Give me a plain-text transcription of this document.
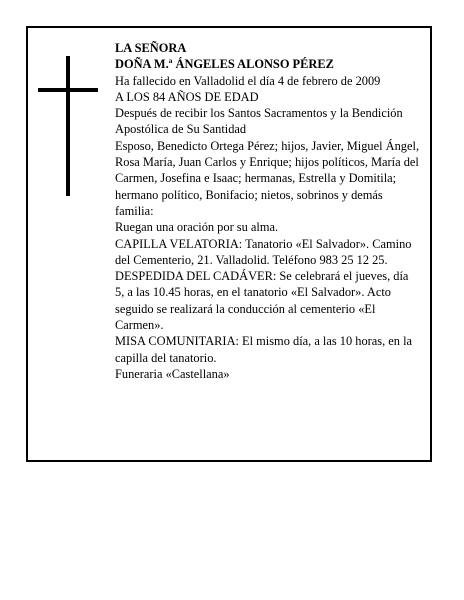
LA SEÑORA

DOÑA M.ª ÁNGELES ALONSO PÉREZ

Ha fallecido en Valladolid el día 4 de febrero de 2009

A LOS 84 AÑOS DE EDAD

Después de recibir los Santos Sacramentos y la Bendición Apostólica de Su Santidad

Esposo, Benedicto Ortega Pérez; hijos, Javier, Miguel Ángel, Rosa María, Juan Carlos y Enrique; hijos políticos, María del Carmen, Josefina e Isaac; hermanas, Estrella y Domitila; hermano político, Bonifacio; nietos, sobrinos y demás familia:

Ruegan una oración por su alma.

CAPILLA VELATORIA: Tanatorio «El Salvador». Camino del Cementerio, 21. Valladolid. Teléfono 983 25 12 25.

DESPEDIDA DEL CADÁVER: Se celebrará el jueves, día 5, a las 10.45 horas, en el tanatorio «El Salvador». Acto seguido se realizará la conducción al cementerio «El Carmen».

MISA COMUNITARIA: El mismo día, a las 10 horas, en la capilla del tanatorio.

Funeraria «Castellana»
